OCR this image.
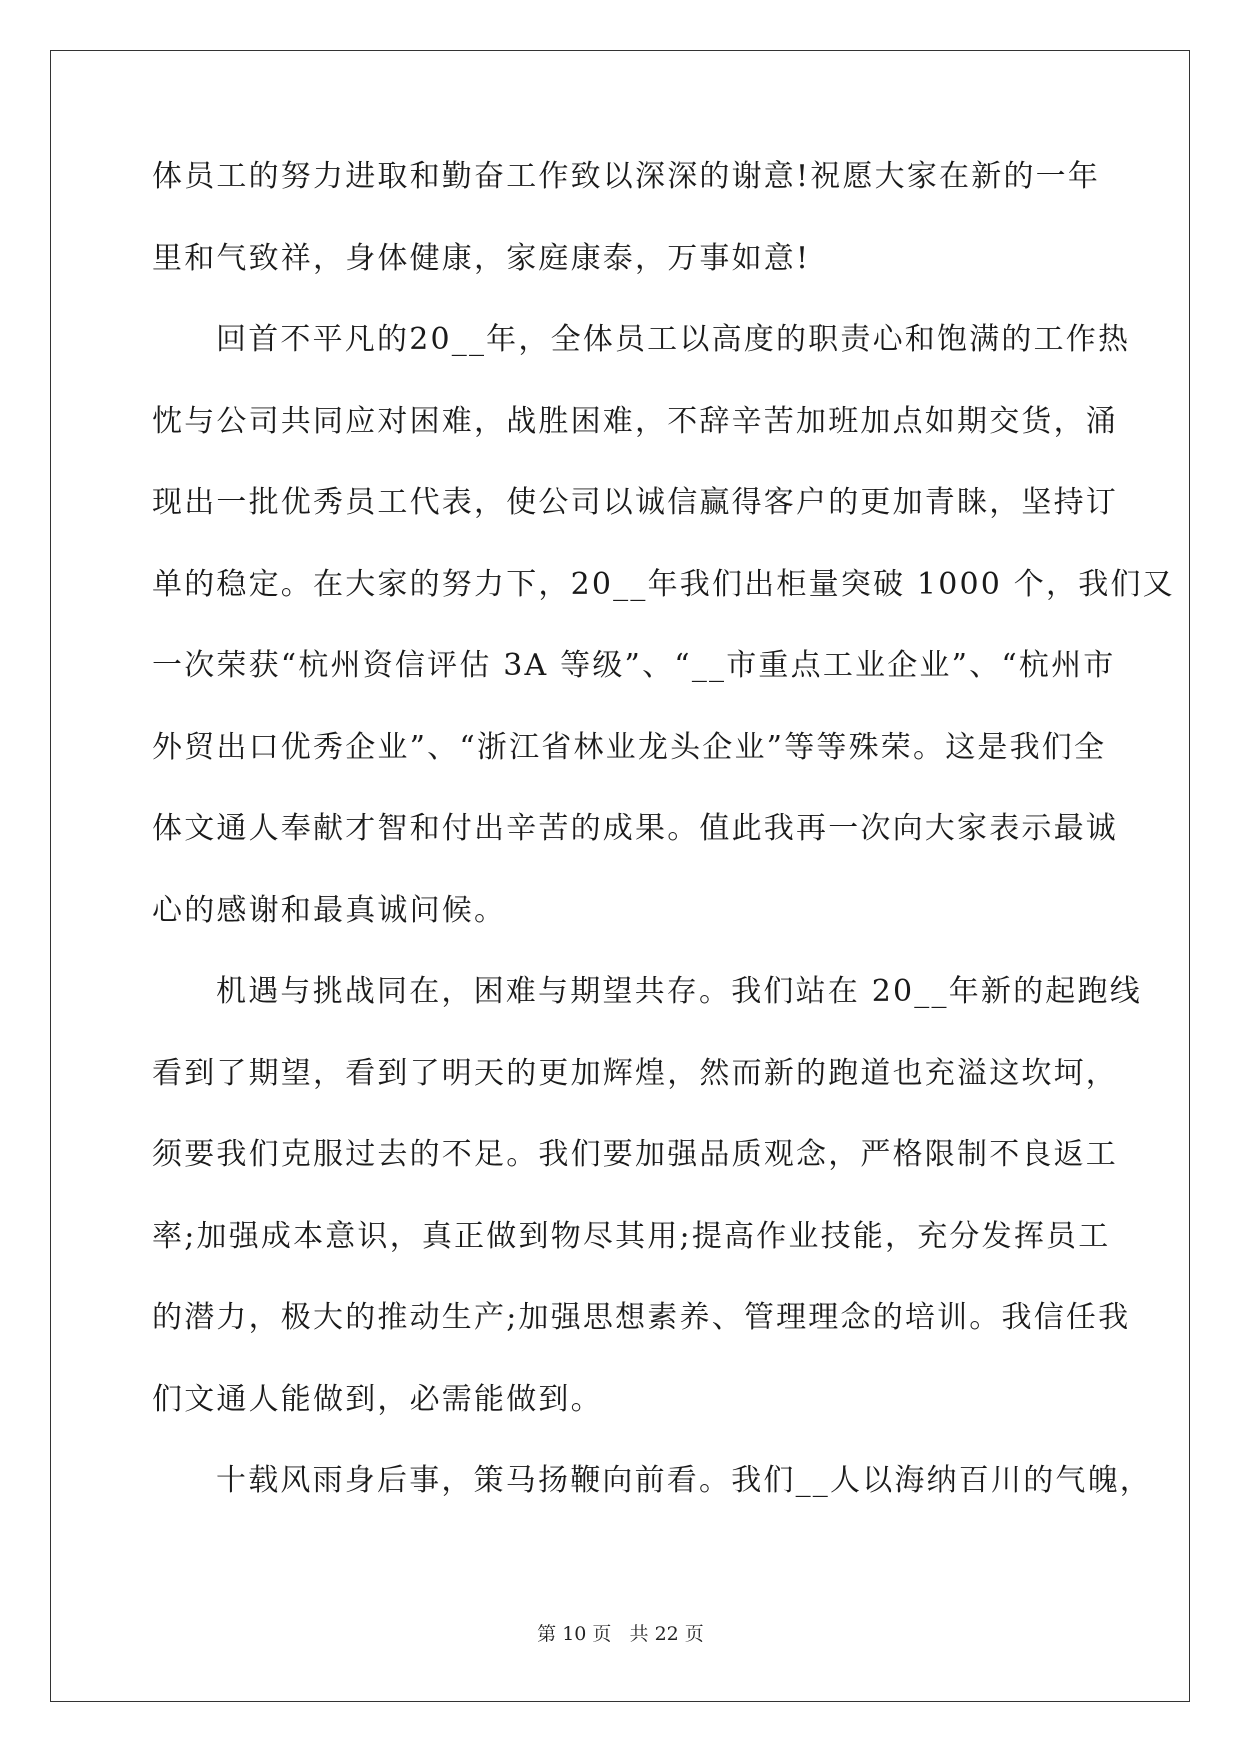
体员工的努力进取和勤奋工作致以深深的谢意!祝愿大家在新的一年
里和气致祥，身体健康，家庭康泰，万事如意!
回首不平凡的20__年，全体员工以高度的职责心和饱满的工作热
忱与公司共同应对困难，战胜困难，不辞辛苦加班加点如期交货，涌
现出一批优秀员工代表，使公司以诚信赢得客户的更加青睐，坚持订
单的稳定。在大家的努力下，20__年我们出柜量突破 1000 个，我们又
一次荣获“杭州资信评估 3A 等级”、“__市重点工业企业”、“杭州市
外贸出口优秀企业”、“浙江省林业龙头企业”等等殊荣。这是我们全
体文通人奉献才智和付出辛苦的成果。值此我再一次向大家表示最诚
心的感谢和最真诚问候。
机遇与挑战同在，困难与期望共存。我们站在 20__年新的起跑线
看到了期望，看到了明天的更加辉煌，然而新的跑道也充溢这坎坷，
须要我们克服过去的不足。我们要加强品质观念，严格限制不良返工
率;加强成本意识，真正做到物尽其用;提高作业技能，充分发挥员工
的潜力，极大的推动生产;加强思想素养、管理理念的培训。我信任我
们文通人能做到，必需能做到。
十载风雨身后事，策马扬鞭向前看。我们__人以海纳百川的气魄，
第 10 页   共 22 页
